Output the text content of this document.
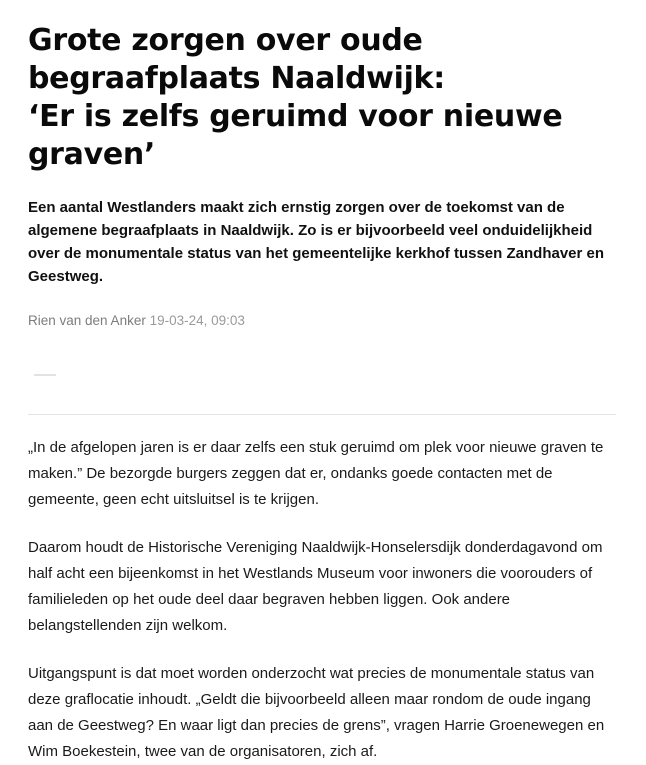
Grote zorgen over oude
begraafplaats Naaldwijk:
‘Er is zelfs geruimd voor nieuwe
graven’

Een aantal Westlanders maakt zich ernstig zorgen over de toekomst van de algemene begraafplaats in Naaldwijk. Zo is er bijvoorbeeld veel onduidelijkheid over de monumentale status van het gemeentelijke kerkhof tussen Zandhaver en Geestweg.

Rien van den Anker 19-03-24, 09:03

„In de afgelopen jaren is er daar zelfs een stuk geruimd om plek voor nieuwe graven te maken.” De bezorgde burgers zeggen dat er, ondanks goede contacten met de gemeente, geen echt uitsluitsel is te krijgen.

Daarom houdt de Historische Vereniging Naaldwijk-Honselersdijk donderdagavond om half acht een bijeenkomst in het Westlands Museum voor inwoners die voorouders of familieleden op het oude deel daar begraven hebben liggen. Ook andere belangstellenden zijn welkom.

Uitgangspunt is dat moet worden onderzocht wat precies de monumentale status van deze graflocatie inhoudt. „Geldt die bijvoorbeeld alleen maar rondom de oude ingang aan de Geestweg? En waar ligt dan precies de grens”, vragen Harrie Groenewegen en Wim Boekestein, twee van de organisatoren, zich af.
